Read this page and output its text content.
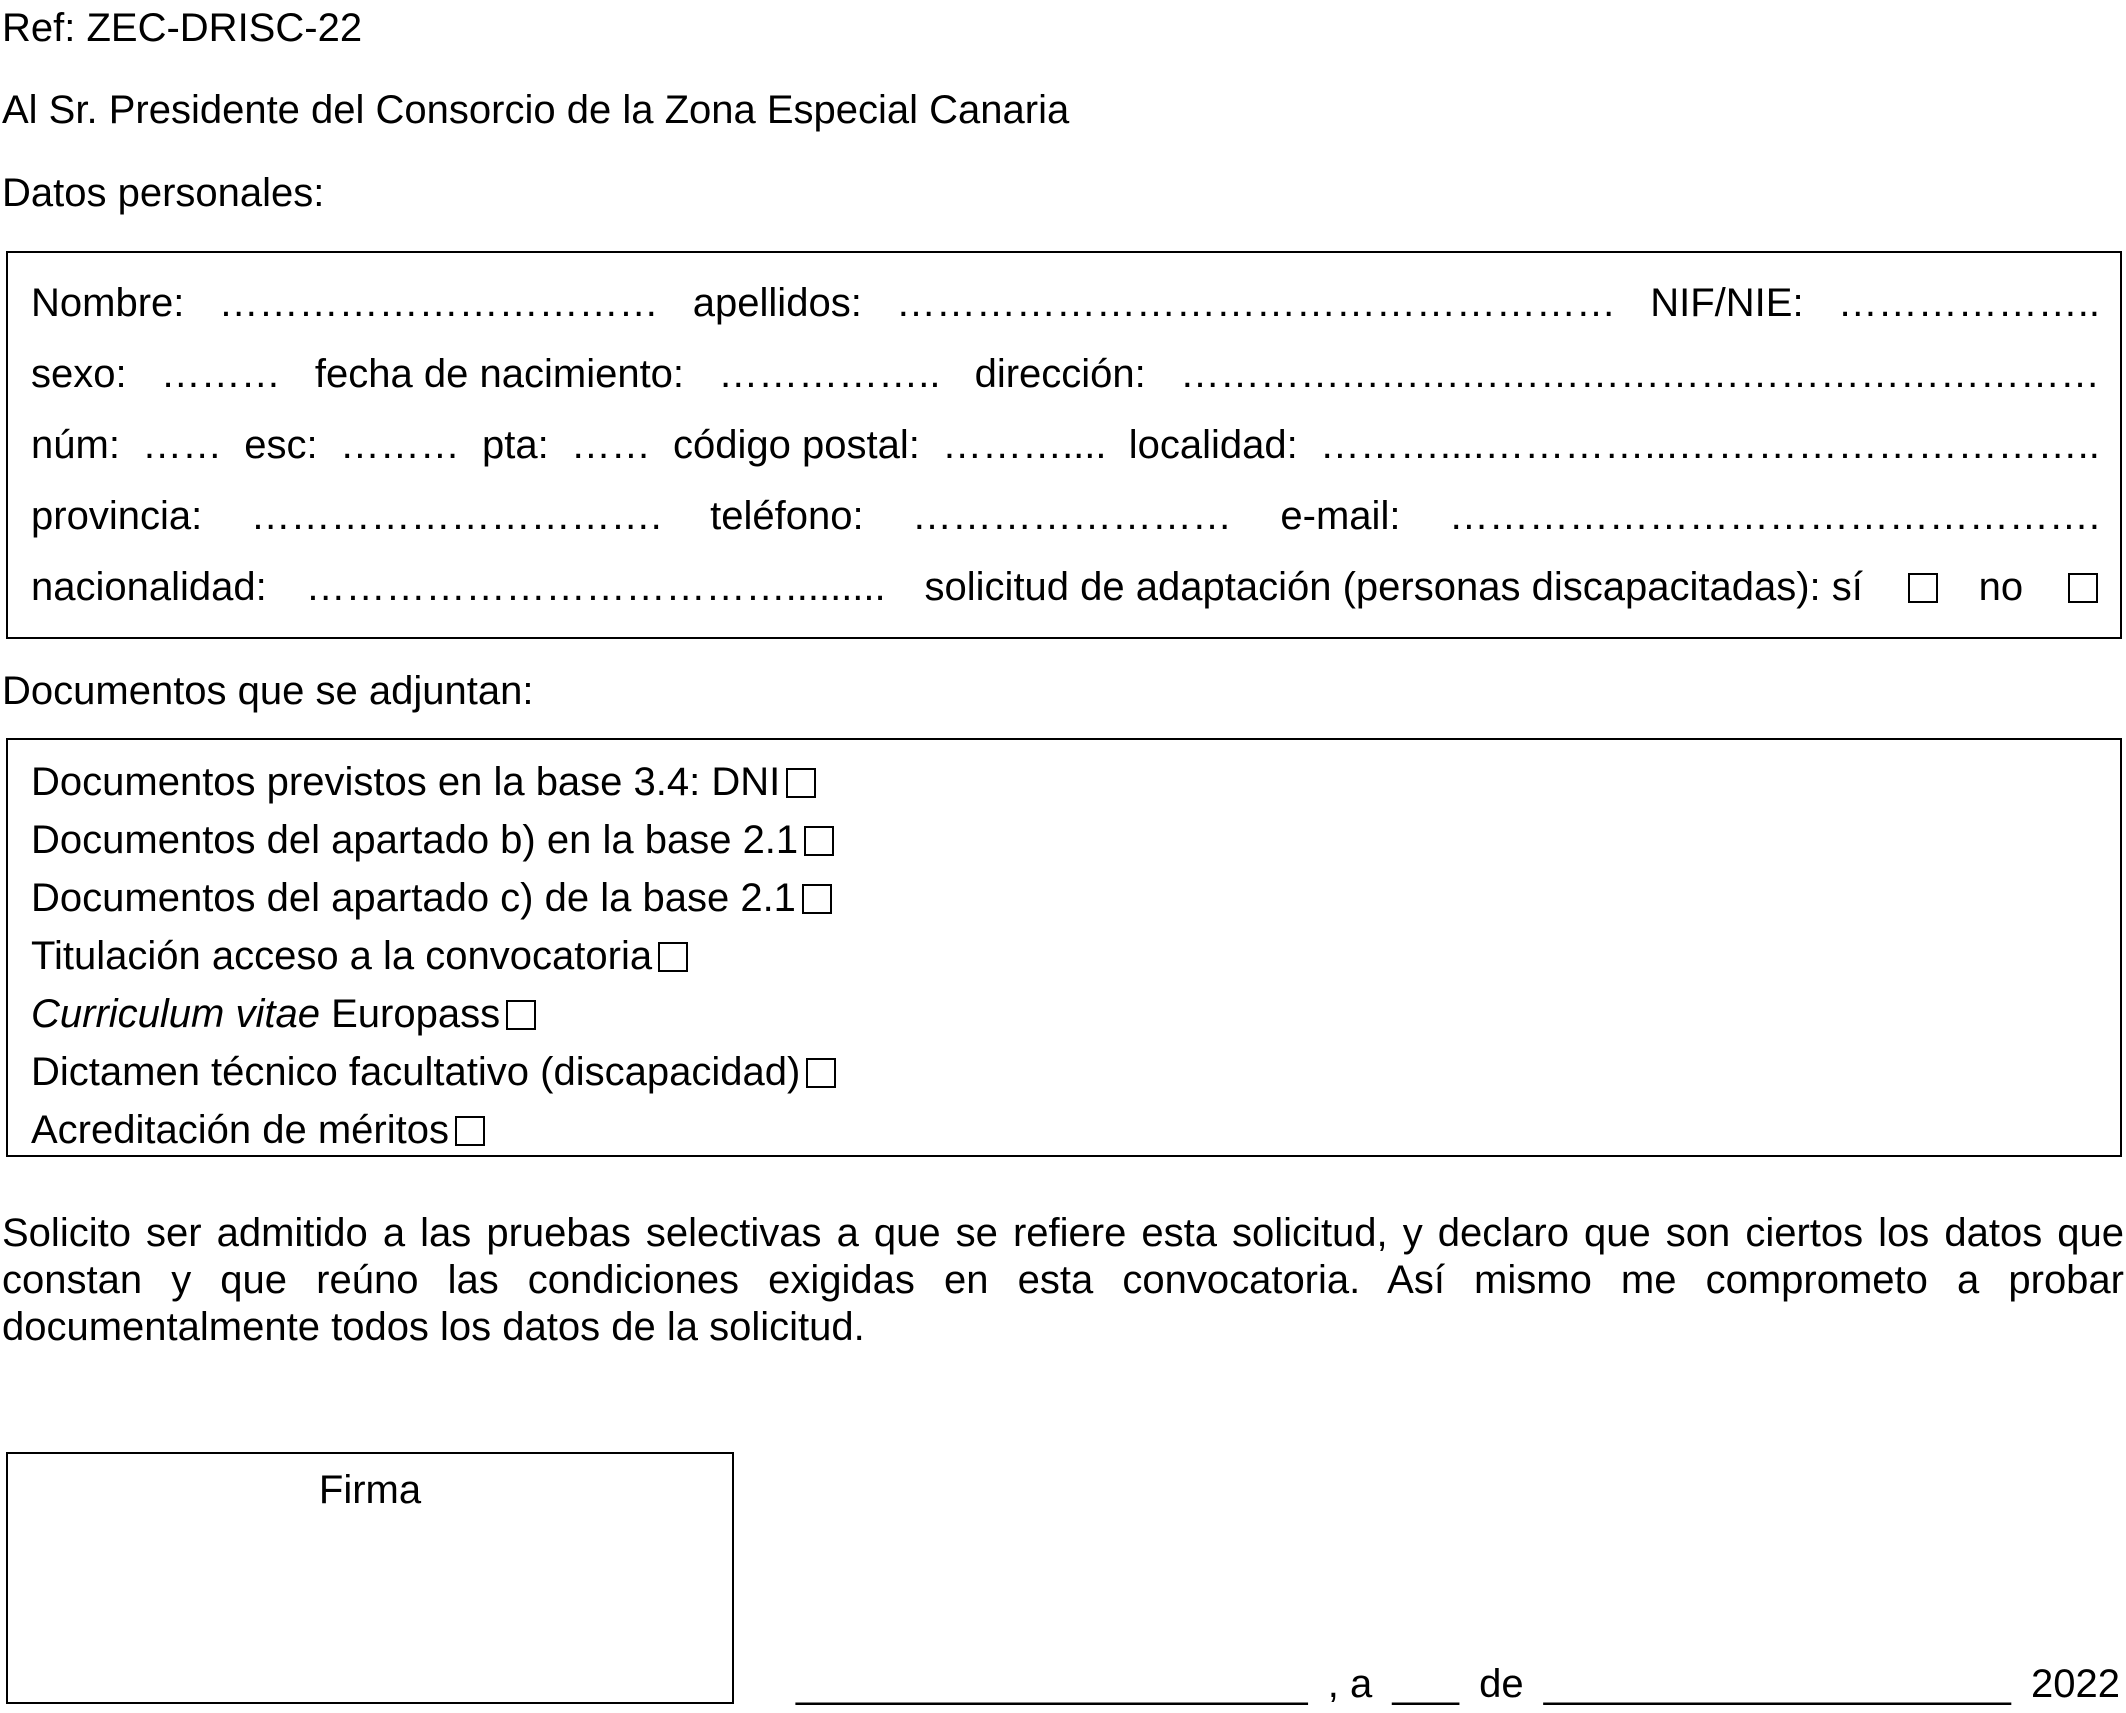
Ref: ZEC-DRISC-22
Al Sr. Presidente del Consorcio de la Zona Especial Canaria
Datos personales:
Nombre: …………………………… apellidos: ……………………………………………… NIF/NIE: ………………..
sexo: ……… fecha de nacimiento: …………….. dirección: ……………………………………………………………
núm: …… esc: ……… pta: …… código postal: ……….... localidad: ………....…………...…………………………..
provincia: …………………………. teléfono: …………………… e-mail: ………………………………………….
nacionalidad: ………………………………......... solicitud de adaptación (personas discapacitadas): sí	no
Documentos que se adjuntan:
Documentos previstos en la base 3.4: DNI
Documentos del apartado b) en la base 2.1
Documentos del apartado c) de la base 2.1
Titulación acceso a la convocatoria
Curriculum vitae Europass
Dictamen técnico facultativo (discapacidad)
Acreditación de méritos
Solicito ser admitido a las pruebas selectivas a que se refiere esta solicitud, y declaro que son ciertos los datos que constan y que reúno las condiciones exigidas en esta convocatoria. Así mismo me comprometo a probar documentalmente todos los datos de la solicitud.
Firma
_______________________ , a ___ de _____________________ 2022
